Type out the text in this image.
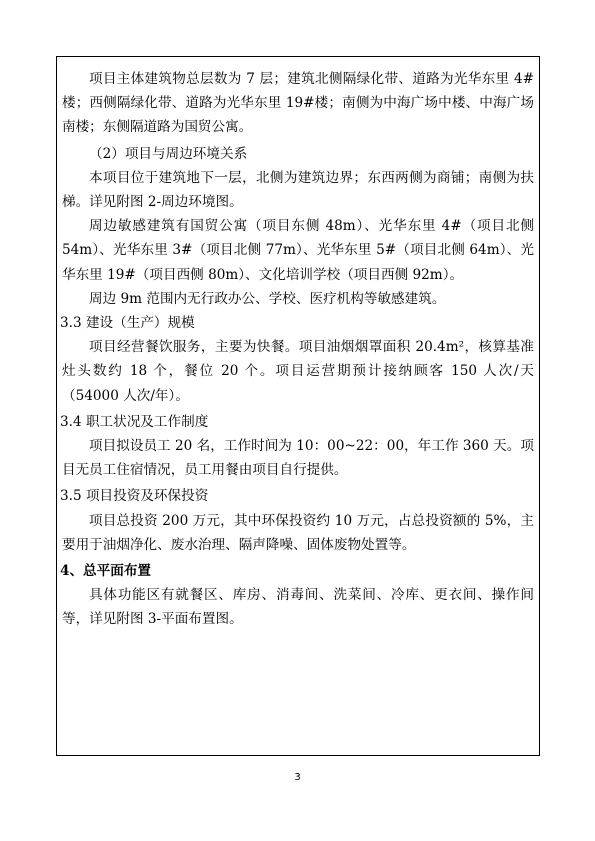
项目主体建筑物总层数为 7 层；建筑北侧隔绿化带、道路为光华东里 4#楼；西侧隔绿化带、道路为光华东里 19#楼；南侧为中海广场中楼、中海广场南楼；东侧隔道路为国贸公寓。

（2）项目与周边环境关系

本项目位于建筑地下一层，北侧为建筑边界；东西两侧为商铺；南侧为扶梯。详见附图 2-周边环境图。

周边敏感建筑有国贸公寓（项目东侧 48m）、光华东里 4#（项目北侧 54m）、光华东里 3#（项目北侧 77m）、光华东里 5#（项目北侧 64m）、光华东里 19#（项目西侧 80m）、文化培训学校（项目西侧 92m）。

周边 9m 范围内无行政办公、学校、医疗机构等敏感建筑。

3.3 建设（生产）规模

项目经营餐饮服务，主要为快餐。项目油烟烟罩面积 20.4m²，核算基准灶头数约 18 个，餐位 20 个。项目运营期预计接纳顾客 150 人次/天（54000 人次/年）。

3.4 职工状况及工作制度

项目拟设员工 20 名，工作时间为 10：00~22：00，年工作 360 天。项目无员工住宿情况，员工用餐由项目自行提供。

3.5 项目投资及环保投资

项目总投资 200 万元，其中环保投资约 10 万元，占总投资额的 5%，主要用于油烟净化、废水治理、隔声降噪、固体废物处置等。

4、总平面布置

具体功能区有就餐区、库房、消毒间、洗菜间、冷库、更衣间、操作间等，详见附图 3-平面布置图。

3
